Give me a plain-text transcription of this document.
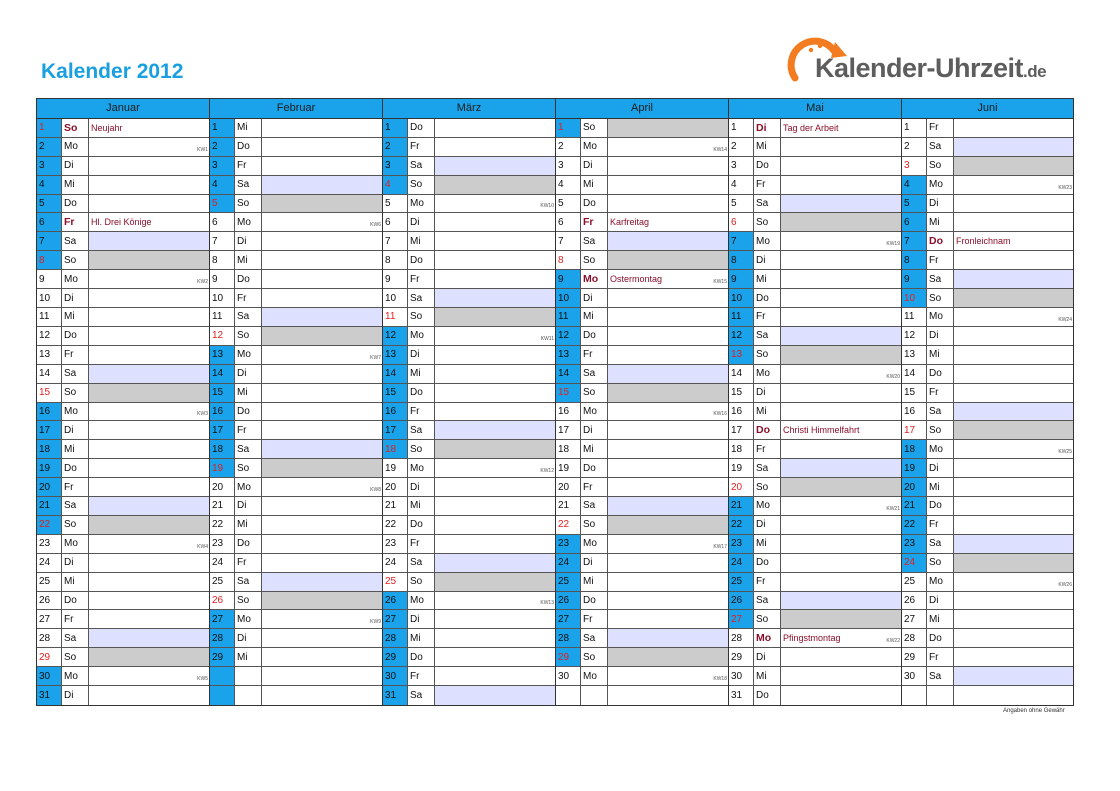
Kalender 2012	Kalender-Uhrzeit.de
Januar
1	So	Neujahr
2	Mo	KW1
3	Di
4	Mi
5	Do
6	Fr	Hl. Drei Könige
7	Sa
8	So
9	Mo	KW2
10	Di
11	Mi
12	Do
13	Fr
14	Sa
15	So
16	Mo	KW3
17	Di
18	Mi
19	Do
20	Fr
21	Sa
22	So
23	Mo	KW4
24	Di
25	Mi
26	Do
27	Fr
28	Sa
29	So
30	Mo	KW5
31	Di
Februar
1	Mi
2	Do
3	Fr
4	Sa
5	So
6	Mo	KW6
7	Di
8	Mi
9	Do
10	Fr
11	Sa
12	So
13	Mo	KW7
14	Di
15	Mi
16	Do
17	Fr
18	Sa
19	So
20	Mo	KW8
21	Di
22	Mi
23	Do
24	Fr
25	Sa
26	So
27	Mo	KW9
28	Di
29	Mi
März
1	Do
2	Fr
3	Sa
4	So
5	Mo	KW10
6	Di
7	Mi
8	Do
9	Fr
10	Sa
11	So
12	Mo	KW11
13	Di
14	Mi
15	Do
16	Fr
17	Sa
18	So
19	Mo	KW12
20	Di
21	Mi
22	Do
23	Fr
24	Sa
25	So
26	Mo	KW13
27	Di
28	Mi
29	Do
30	Fr
31	Sa
April
1	So
2	Mo	KW14
3	Di
4	Mi
5	Do
6	Fr	Karfreitag
7	Sa
8	So
9	Mo	Ostermontag	KW15
10	Di
11	Mi
12	Do
13	Fr
14	Sa
15	So
16	Mo	KW16
17	Di
18	Mi
19	Do
20	Fr
21	Sa
22	So
23	Mo	KW17
24	Di
25	Mi
26	Do
27	Fr
28	Sa
29	So
30	Mo	KW18
Mai
1	Di	Tag der Arbeit
2	Mi
3	Do
4	Fr
5	Sa
6	So
7	Mo	KW19
8	Di
9	Mi
10	Do
11	Fr
12	Sa
13	So
14	Mo	KW20
15	Di
16	Mi
17	Do	Christi Himmelfahrt
18	Fr
19	Sa
20	So
21	Mo	KW21
22	Di
23	Mi
24	Do
25	Fr
26	Sa
27	So
28	Mo	Pfingstmontag	KW22
29	Di
30	Mi
31	Do
Juni
1	Fr
2	Sa
3	So
4	Mo	KW23
5	Di
6	Mi
7	Do	Fronleichnam
8	Fr
9	Sa
10	So
11	Mo	KW24
12	Di
13	Mi
14	Do
15	Fr
16	Sa
17	So
18	Mo	KW25
19	Di
20	Mi
21	Do
22	Fr
23	Sa
24	So
25	Mo	KW26
26	Di
27	Mi
28	Do
29	Fr
30	Sa
Angaben ohne Gewähr
